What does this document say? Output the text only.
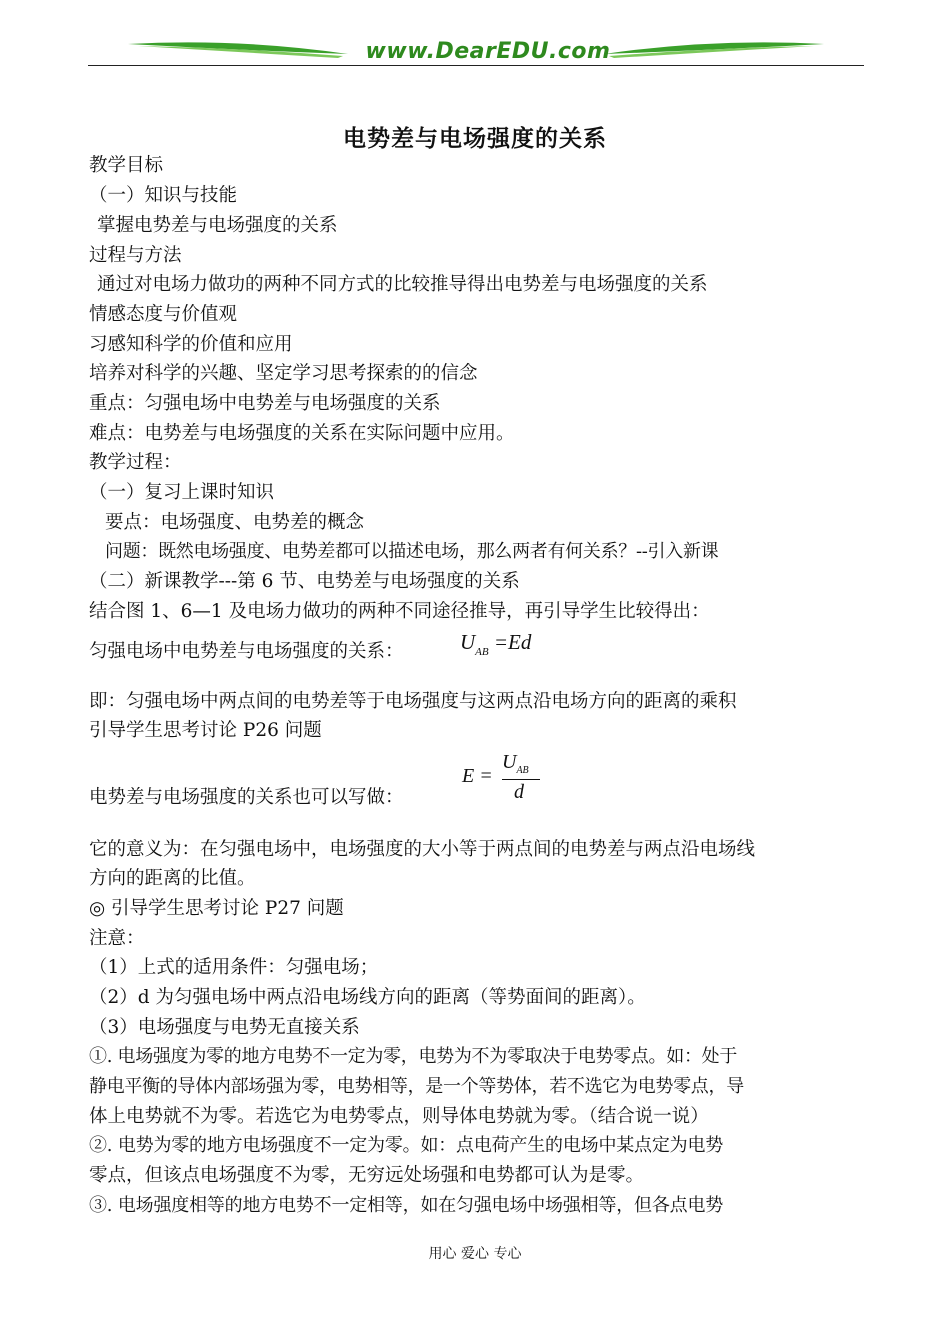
www.DearEDU.com
电势差与电场强度的关系
教学目标
（一）知识与技能
掌握电势差与电场强度的关系
过程与方法
通过对电场力做功的两种不同方式的比较推导得出电势差与电场强度的关系
情感态度与价值观
习感知科学的价值和应用
培养对科学的兴趣、坚定学习思考探索的的信念
重点：匀强电场中电势差与电场强度的关系
难点：电势差与电场强度的关系在实际问题中应用。
教学过程：
（一）复习上课时知识
要点：电场强度、电势差的概念
问题：既然电场强度、电势差都可以描述电场，那么两者有何关系？--引入新课
（二）新课教学---第 6 节、电势差与电场强度的关系
结合图 1、6—1 及电场力做功的两种不同途径推导，再引导学生比较得出：
匀强电场中电势差与电场强度的关系：	$U_{AB} =Ed$
即：匀强电场中两点间的电势差等于电场强度与这两点沿电场方向的距离的乘积
引导学生思考讨论 P26 问题
电势差与电场强度的关系也可以写做：
E =
$U_{AB}$
d
它的意义为：在匀强电场中，电场强度的大小等于两点间的电势差与两点沿电场线
方向的距离的比值。
◎ 引导学生思考讨论 P27 问题
注意：
（1）上式的适用条件：匀强电场；
（2）d 为匀强电场中两点沿电场线方向的距离（等势面间的距离）。
（3）电场强度与电势无直接关系
①. 电场强度为零的地方电势不一定为零，电势为不为零取决于电势零点。如：处于
静电平衡的导体内部场强为零，电势相等，是一个等势体，若不选它为电势零点，导
体上电势就不为零。若选它为电势零点，则导体电势就为零。（结合说一说）
②. 电势为零的地方电场强度不一定为零。如：点电荷产生的电场中某点定为电势
零点，但该点电场强度不为零，无穷远处场强和电势都可认为是零。
③. 电场强度相等的地方电势不一定相等，如在匀强电场中场强相等，但各点电势
用心 爱心 专心
